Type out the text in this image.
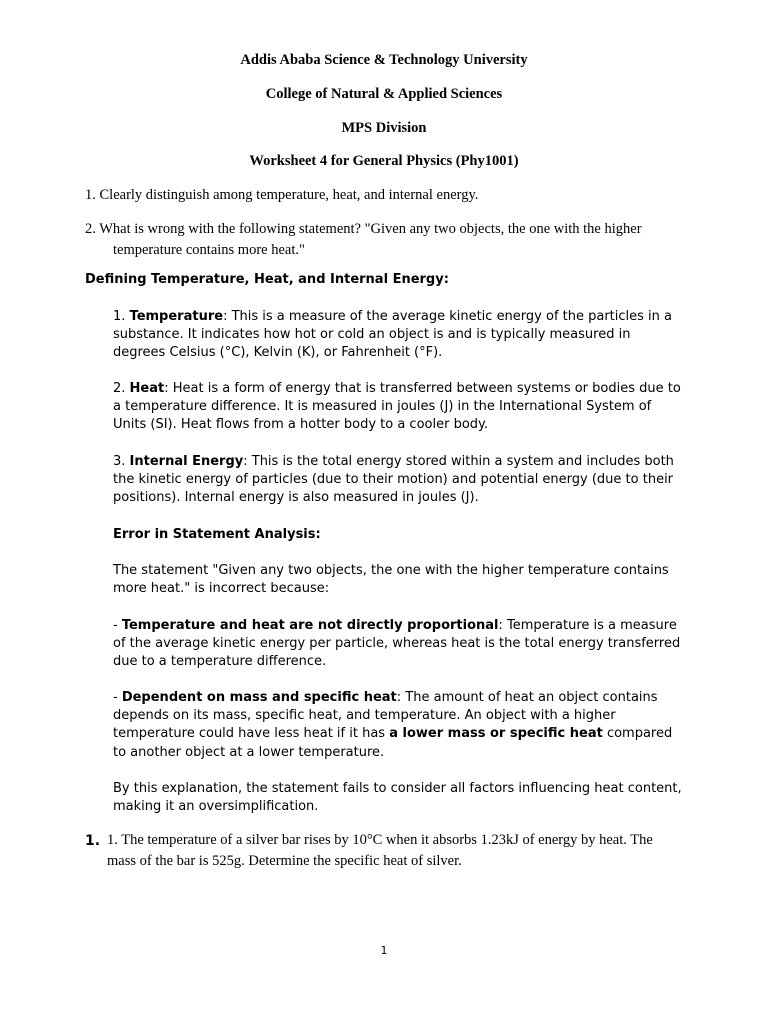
Addis Ababa Science & Technology University
College of Natural & Applied Sciences
MPS Division
Worksheet 4 for General Physics (Phy1001)
1. Clearly distinguish among temperature, heat, and internal energy.
2. What is wrong with the following statement? "Given any two objects, the one with the higher
temperature contains more heat."
Defining Temperature, Heat, and Internal Energy:
1. Temperature: This is a measure of the average kinetic energy of the particles in a substance. It indicates how hot or cold an object is and is typically measured in degrees Celsius (°C), Kelvin (K), or Fahrenheit (°F).
2. Heat: Heat is a form of energy that is transferred between systems or bodies due to a temperature difference. It is measured in joules (J) in the International System of Units (SI). Heat flows from a hotter body to a cooler body.
3. Internal Energy: This is the total energy stored within a system and includes both the kinetic energy of particles (due to their motion) and potential energy (due to their positions). Internal energy is also measured in joules (J).
Error in Statement Analysis:
The statement "Given any two objects, the one with the higher temperature contains more heat." is incorrect because:
- Temperature and heat are not directly proportional: Temperature is a measure of the average kinetic energy per particle, whereas heat is the total energy transferred due to a temperature difference.
- Dependent on mass and specific heat: The amount of heat an object contains depends on its mass, specific heat, and temperature. An object with a higher temperature could have less heat if it has a lower mass or specific heat compared to another object at a lower temperature.
By this explanation, the statement fails to consider all factors influencing heat content, making it an oversimplification.
1. 1. The temperature of a silver bar rises by 10°C when it absorbs 1.23kJ of energy by heat. The
mass of the bar is 525g. Determine the specific heat of silver.
1
